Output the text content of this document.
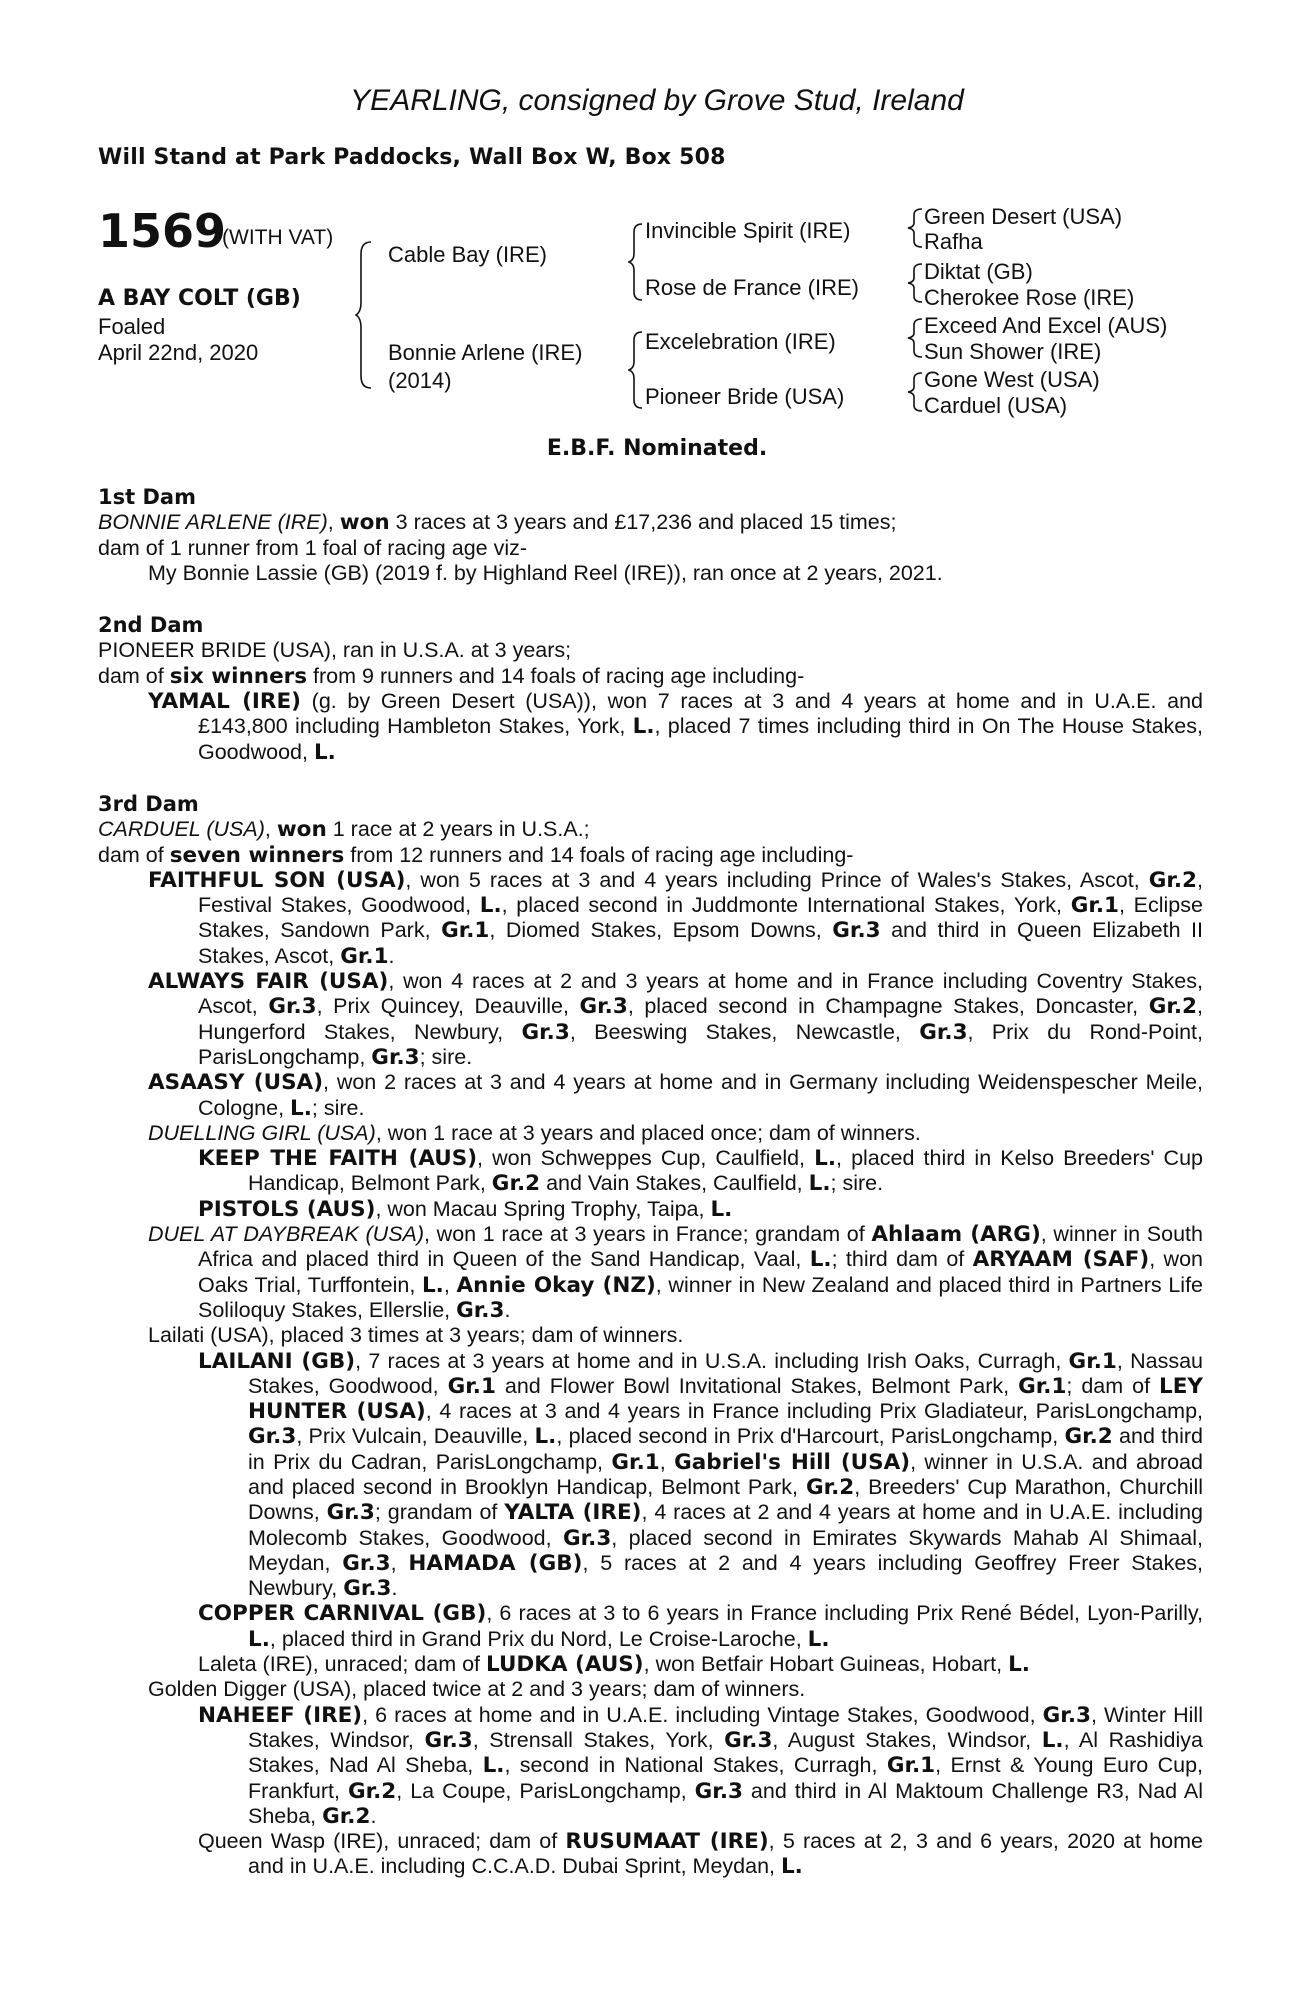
YEARLING, consigned by Grove Stud, Ireland
Will Stand at Park Paddocks, Wall Box W, Box 508
1569
(WITH VAT)
A BAY COLT (GB)
Foaled
April 22nd, 2020
Cable Bay (IRE)
Bonnie Arlene (IRE)
(2014)
Invincible Spirit (IRE)
Rose de France (IRE)
Excelebration (IRE)
Pioneer Bride (USA)
Green Desert (USA)
Rafha
Diktat (GB)
Cherokee Rose (IRE)
Exceed And Excel (AUS)
Sun Shower (IRE)
Gone West (USA)
Carduel (USA)
E.B.F. Nominated.

1st Dam

BONNIE ARLENE (IRE), won 3 races at 3 years and £17,236 and placed 15 times;

dam of 1 runner from 1 foal of racing age viz-

My Bonnie Lassie (GB) (2019 f. by Highland Reel (IRE)), ran once at 2 years, 2021.

2nd Dam

PIONEER BRIDE (USA), ran in U.S.A. at 3 years;

dam of six winners from 9 runners and 14 foals of racing age including-

YAMAL (IRE) (g. by Green Desert (USA)), won 7 races at 3 and 4 years at home and in U.A.E. and £143,800 including Hambleton Stakes, York, L., placed 7 times including third in On The House Stakes, Goodwood, L.

3rd Dam

CARDUEL (USA), won 1 race at 2 years in U.S.A.;

dam of seven winners from 12 runners and 14 foals of racing age including-

FAITHFUL SON (USA), won 5 races at 3 and 4 years including Prince of Wales's Stakes, Ascot, Gr.2, Festival Stakes, Goodwood, L., placed second in Juddmonte International Stakes, York, Gr.1, Eclipse Stakes, Sandown Park, Gr.1, Diomed Stakes, Epsom Downs, Gr.3 and third in Queen Elizabeth II Stakes, Ascot, Gr.1.

ALWAYS FAIR (USA), won 4 races at 2 and 3 years at home and in France including Coventry Stakes, Ascot, Gr.3, Prix Quincey, Deauville, Gr.3, placed second in Champagne Stakes, Doncaster, Gr.2, Hungerford Stakes, Newbury, Gr.3, Beeswing Stakes, Newcastle, Gr.3, Prix du Rond-Point, ParisLongchamp, Gr.3; sire.

ASAASY (USA), won 2 races at 3 and 4 years at home and in Germany including Weidenspescher Meile, Cologne, L.; sire.

DUELLING GIRL (USA), won 1 race at 3 years and placed once; dam of winners.

KEEP THE FAITH (AUS), won Schweppes Cup, Caulfield, L., placed third in Kelso Breeders' Cup Handicap, Belmont Park, Gr.2 and Vain Stakes, Caulfield, L.; sire.

PISTOLS (AUS), won Macau Spring Trophy, Taipa, L.

DUEL AT DAYBREAK (USA), won 1 race at 3 years in France; grandam of Ahlaam (ARG), winner in South Africa and placed third in Queen of the Sand Handicap, Vaal, L.; third dam of ARYAAM (SAF), won Oaks Trial, Turffontein, L., Annie Okay (NZ), winner in New Zealand and placed third in Partners Life Soliloquy Stakes, Ellerslie, Gr.3.

Lailati (USA), placed 3 times at 3 years; dam of winners.

LAILANI (GB), 7 races at 3 years at home and in U.S.A. including Irish Oaks, Curragh, Gr.1, Nassau Stakes, Goodwood, Gr.1 and Flower Bowl Invitational Stakes, Belmont Park, Gr.1; dam of LEY HUNTER (USA), 4 races at 3 and 4 years in France including Prix Gladiateur, ParisLongchamp, Gr.3, Prix Vulcain, Deauville, L., placed second in Prix d'Harcourt, ParisLongchamp, Gr.2 and third in Prix du Cadran, ParisLongchamp, Gr.1, Gabriel's Hill (USA), winner in U.S.A. and abroad and placed second in Brooklyn Handicap, Belmont Park, Gr.2, Breeders' Cup Marathon, Churchill Downs, Gr.3; grandam of YALTA (IRE), 4 races at 2 and 4 years at home and in U.A.E. including Molecomb Stakes, Goodwood, Gr.3, placed second in Emirates Skywards Mahab Al Shimaal, Meydan, Gr.3, HAMADA (GB), 5 races at 2 and 4 years including Geoffrey Freer Stakes, Newbury, Gr.3.

COPPER CARNIVAL (GB), 6 races at 3 to 6 years in France including Prix René Bédel, Lyon-Parilly, L., placed third in Grand Prix du Nord, Le Croise-Laroche, L.

Laleta (IRE), unraced; dam of LUDKA (AUS), won Betfair Hobart Guineas, Hobart, L.

Golden Digger (USA), placed twice at 2 and 3 years; dam of winners.

NAHEEF (IRE), 6 races at home and in U.A.E. including Vintage Stakes, Goodwood, Gr.3, Winter Hill Stakes, Windsor, Gr.3, Strensall Stakes, York, Gr.3, August Stakes, Windsor, L., Al Rashidiya Stakes, Nad Al Sheba, L., second in National Stakes, Curragh, Gr.1, Ernst & Young Euro Cup, Frankfurt, Gr.2, La Coupe, ParisLongchamp, Gr.3 and third in Al Maktoum Challenge R3, Nad Al Sheba, Gr.2.

Queen Wasp (IRE), unraced; dam of RUSUMAAT (IRE), 5 races at 2, 3 and 6 years, 2020 at home and in U.A.E. including C.C.A.D. Dubai Sprint, Meydan, L.
